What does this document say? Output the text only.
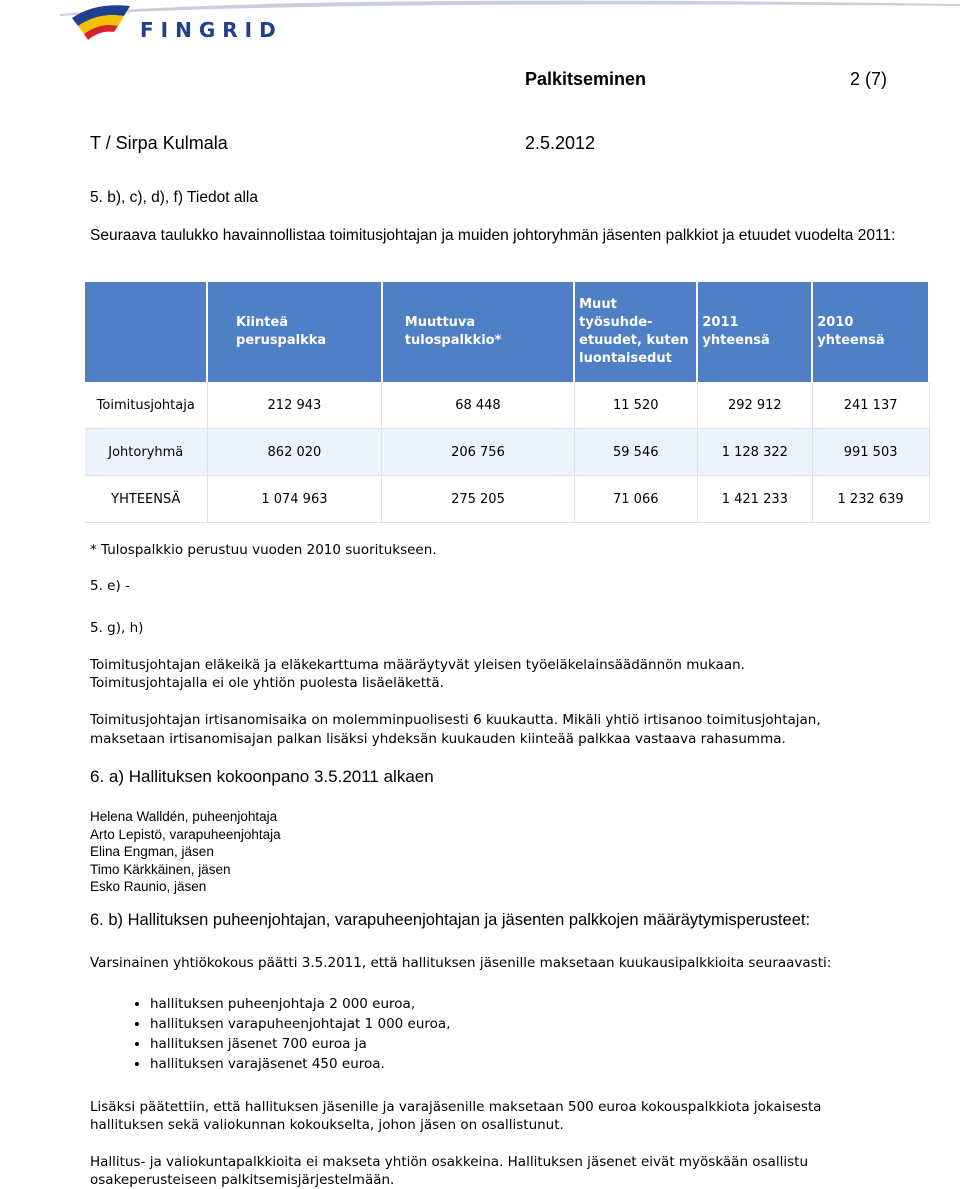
FINGRID
Palkitseminen	2 (7)
T / Sirpa Kulmala	2.5.2012
5. b), c), d), f) Tiedot alla
Seuraava taulukko havainnollistaa toimitusjohtajan ja muiden johtoryhmän jäsenten palkkiot ja etuudet vuodelta 2011:
	Kiinteä peruspalkka	Muuttuva tulospalkkio*	Muut työsuhde-etuudet, kuten luontaisedut	2011 yhteensä	2010 yhteensä
Toimitusjohtaja	212 943	68 448	11 520	292 912	241 137
Johtoryhmä	862 020	206 756	59 546	1 128 322	991 503
YHTEENSÄ	1 074 963	275 205	71 066	1 421 233	1 232 639
* Tulospalkkio perustuu vuoden 2010 suoritukseen.
5. e) -
5. g), h)
Toimitusjohtajan eläkeikä ja eläkekarttuma määräytyvät yleisen työeläkelainsäädännön mukaan.
Toimitusjohtajalla ei ole yhtiön puolesta lisäeläkettä.
Toimitusjohtajan irtisanomisaika on molemminpuolisesti 6 kuukautta. Mikäli yhtiö irtisanoo toimitusjohtajan,
maksetaan irtisanomisajan palkan lisäksi yhdeksän kuukauden kiinteää palkkaa vastaava rahasumma.
6. a) Hallituksen kokoonpano 3.5.2011 alkaen
Helena Walldén, puheenjohtaja
Arto Lepistö, varapuheenjohtaja
Elina Engman, jäsen
Timo Kärkkäinen, jäsen
Esko Raunio, jäsen
6. b) Hallituksen puheenjohtajan, varapuheenjohtajan ja jäsenten palkkojen määräytymisperusteet:
Varsinainen yhtiökokous päätti 3.5.2011, että hallituksen jäsenille maksetaan kuukausipalkkioita seuraavasti:
• hallituksen puheenjohtaja 2 000 euroa,
• hallituksen varapuheenjohtajat 1 000 euroa,
• hallituksen jäsenet 700 euroa ja
• hallituksen varajäsenet 450 euroa.
Lisäksi päätettiin, että hallituksen jäsenille ja varajäsenille maksetaan 500 euroa kokouspalkkiota jokaisesta
hallituksen sekä valiokunnan kokoukselta, johon jäsen on osallistunut.
Hallitus- ja valiokuntapalkkioita ei makseta yhtiön osakkeina. Hallituksen jäsenet eivät myöskään osallistu
osakeperusteiseen palkitsemisjärjestelmään.
